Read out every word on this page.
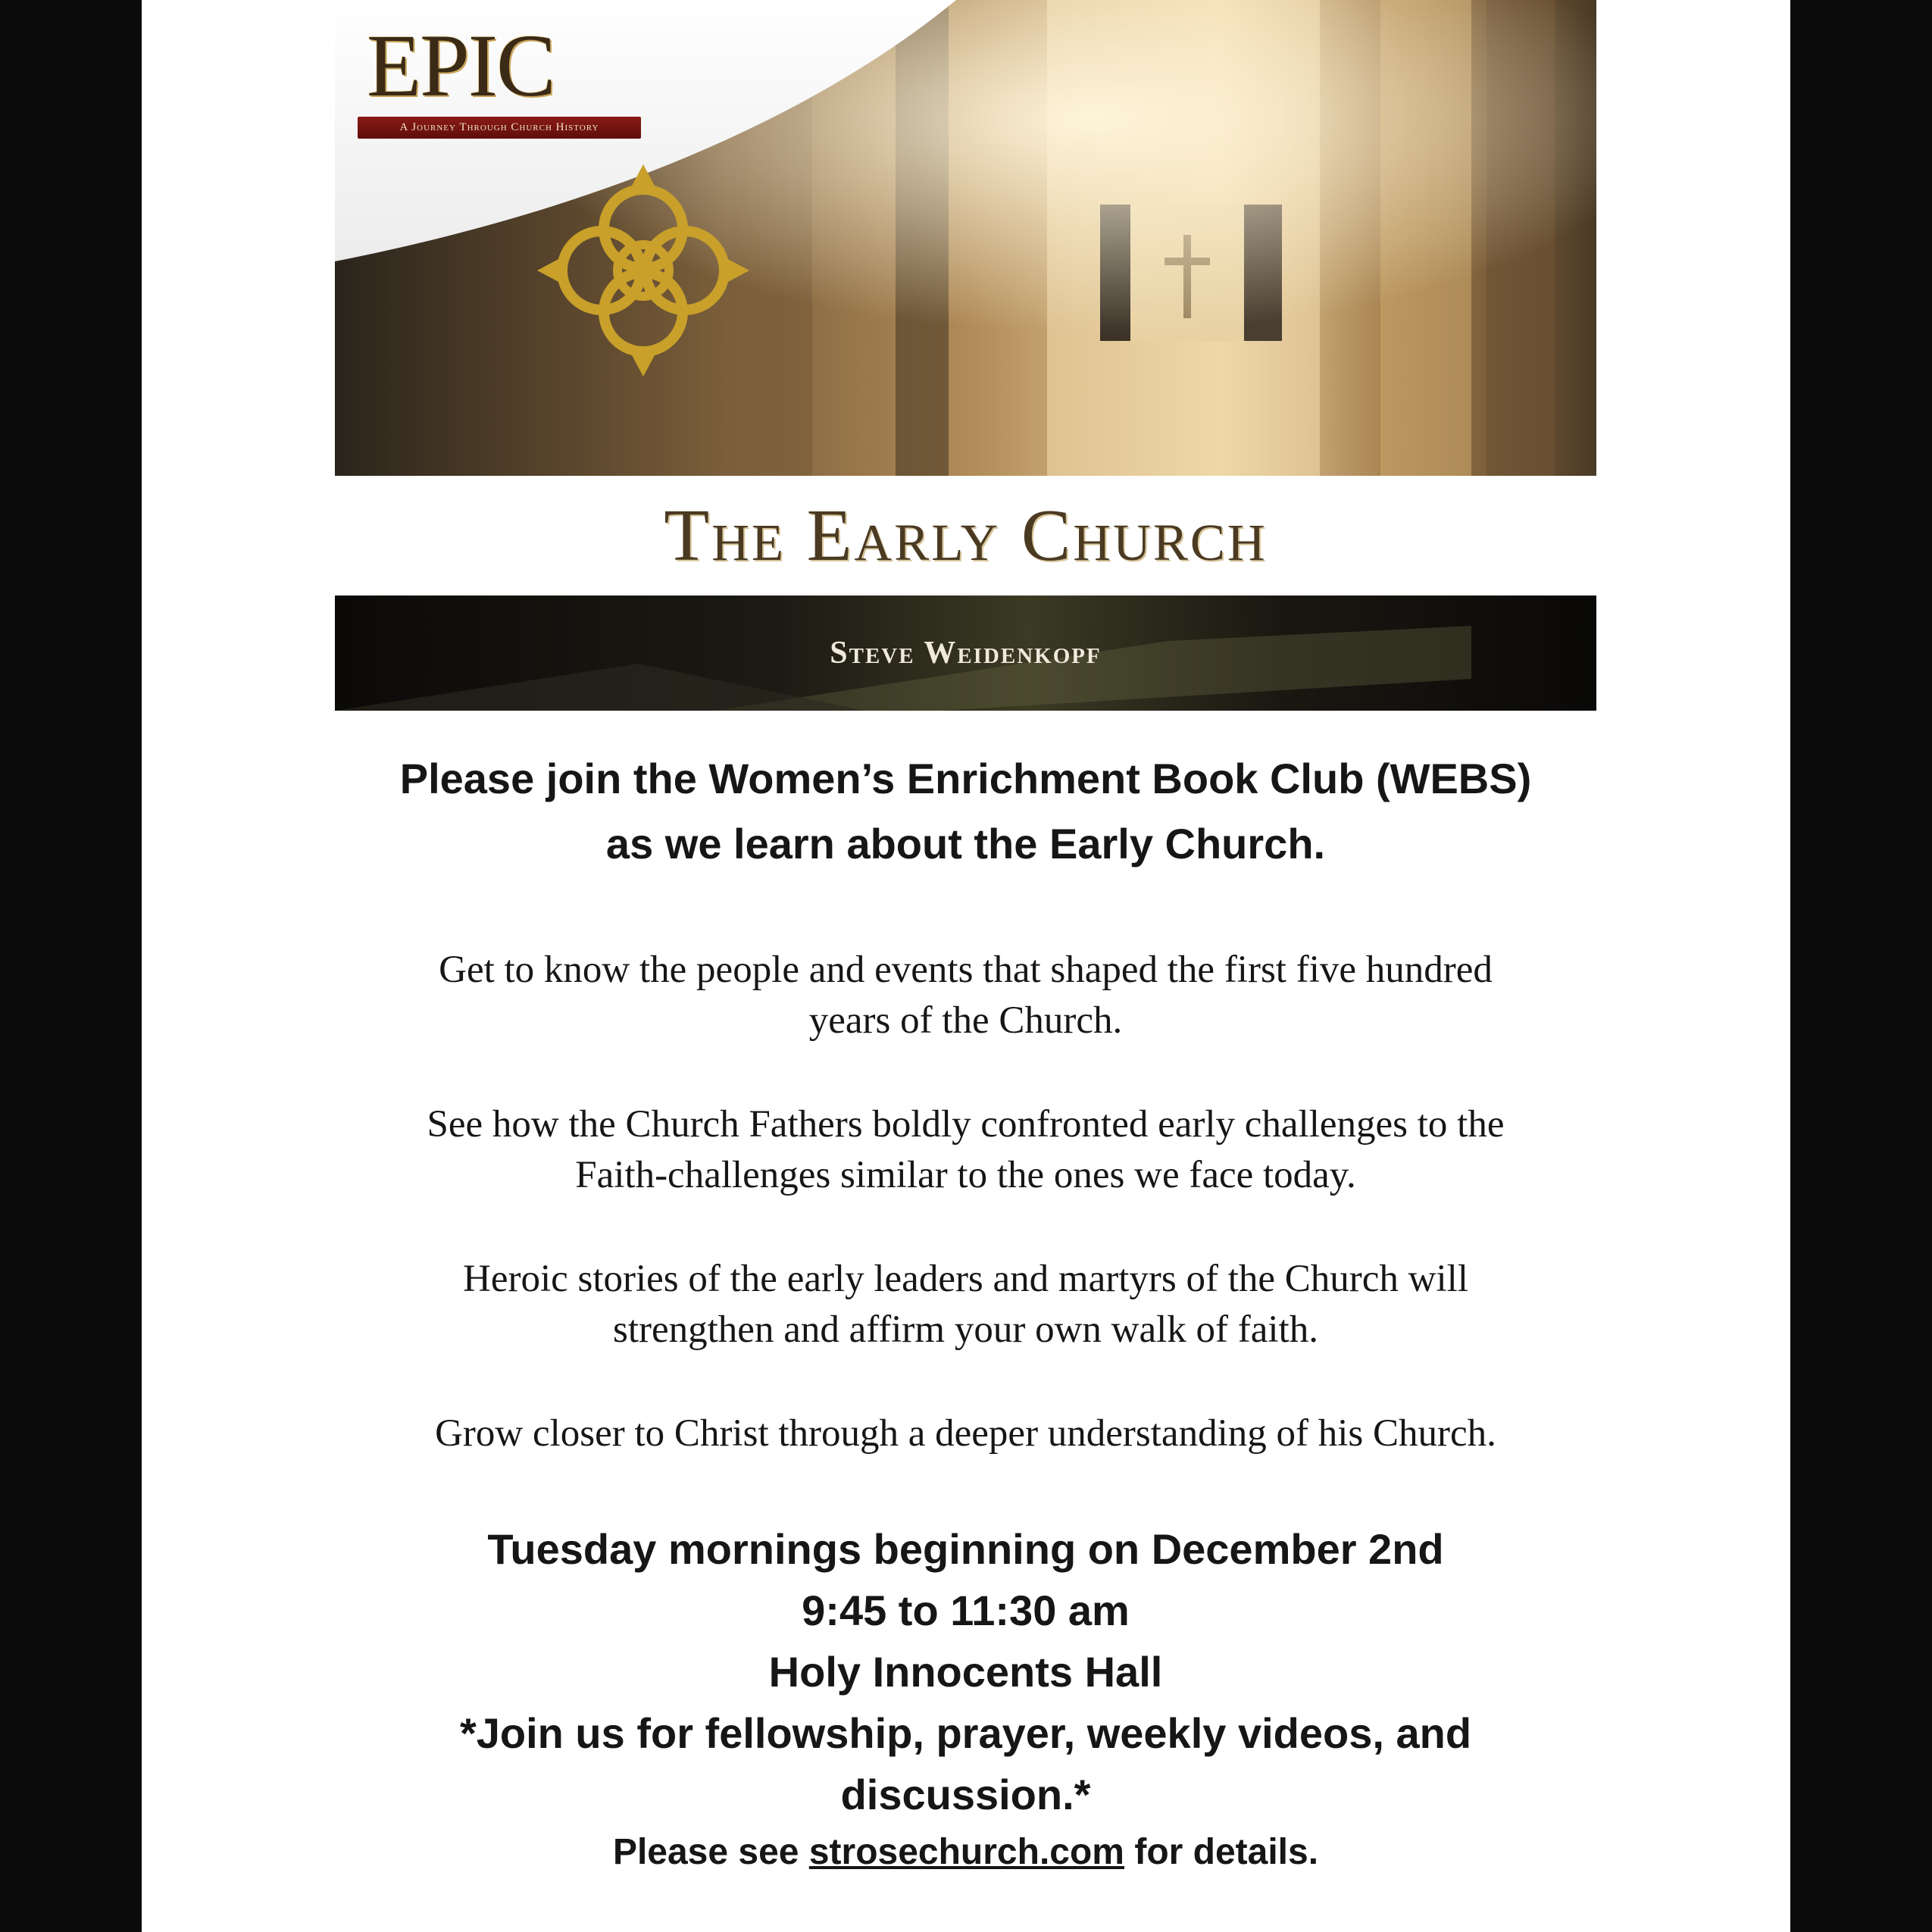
EPIC
A Journey Through Church History
The Early Church
Steve Weidenkopf
Please join the Women’s Enrichment Book Club (WEBS)
as we learn about the Early Church.
Get to know the people and events that shaped the first five hundred
years of the Church.
See how the Church Fathers boldly confronted early challenges to the
Faith-challenges similar to the ones we face today.
Heroic stories of the early leaders and martyrs of the Church will
strengthen and affirm your own walk of faith.
Grow closer to Christ through a deeper understanding of his Church.
Tuesday mornings beginning on December 2nd
9:45 to 11:30 am
Holy Innocents Hall
*Join us for fellowship, prayer, weekly videos, and
discussion.*
Please see strosechurch.com for details.
